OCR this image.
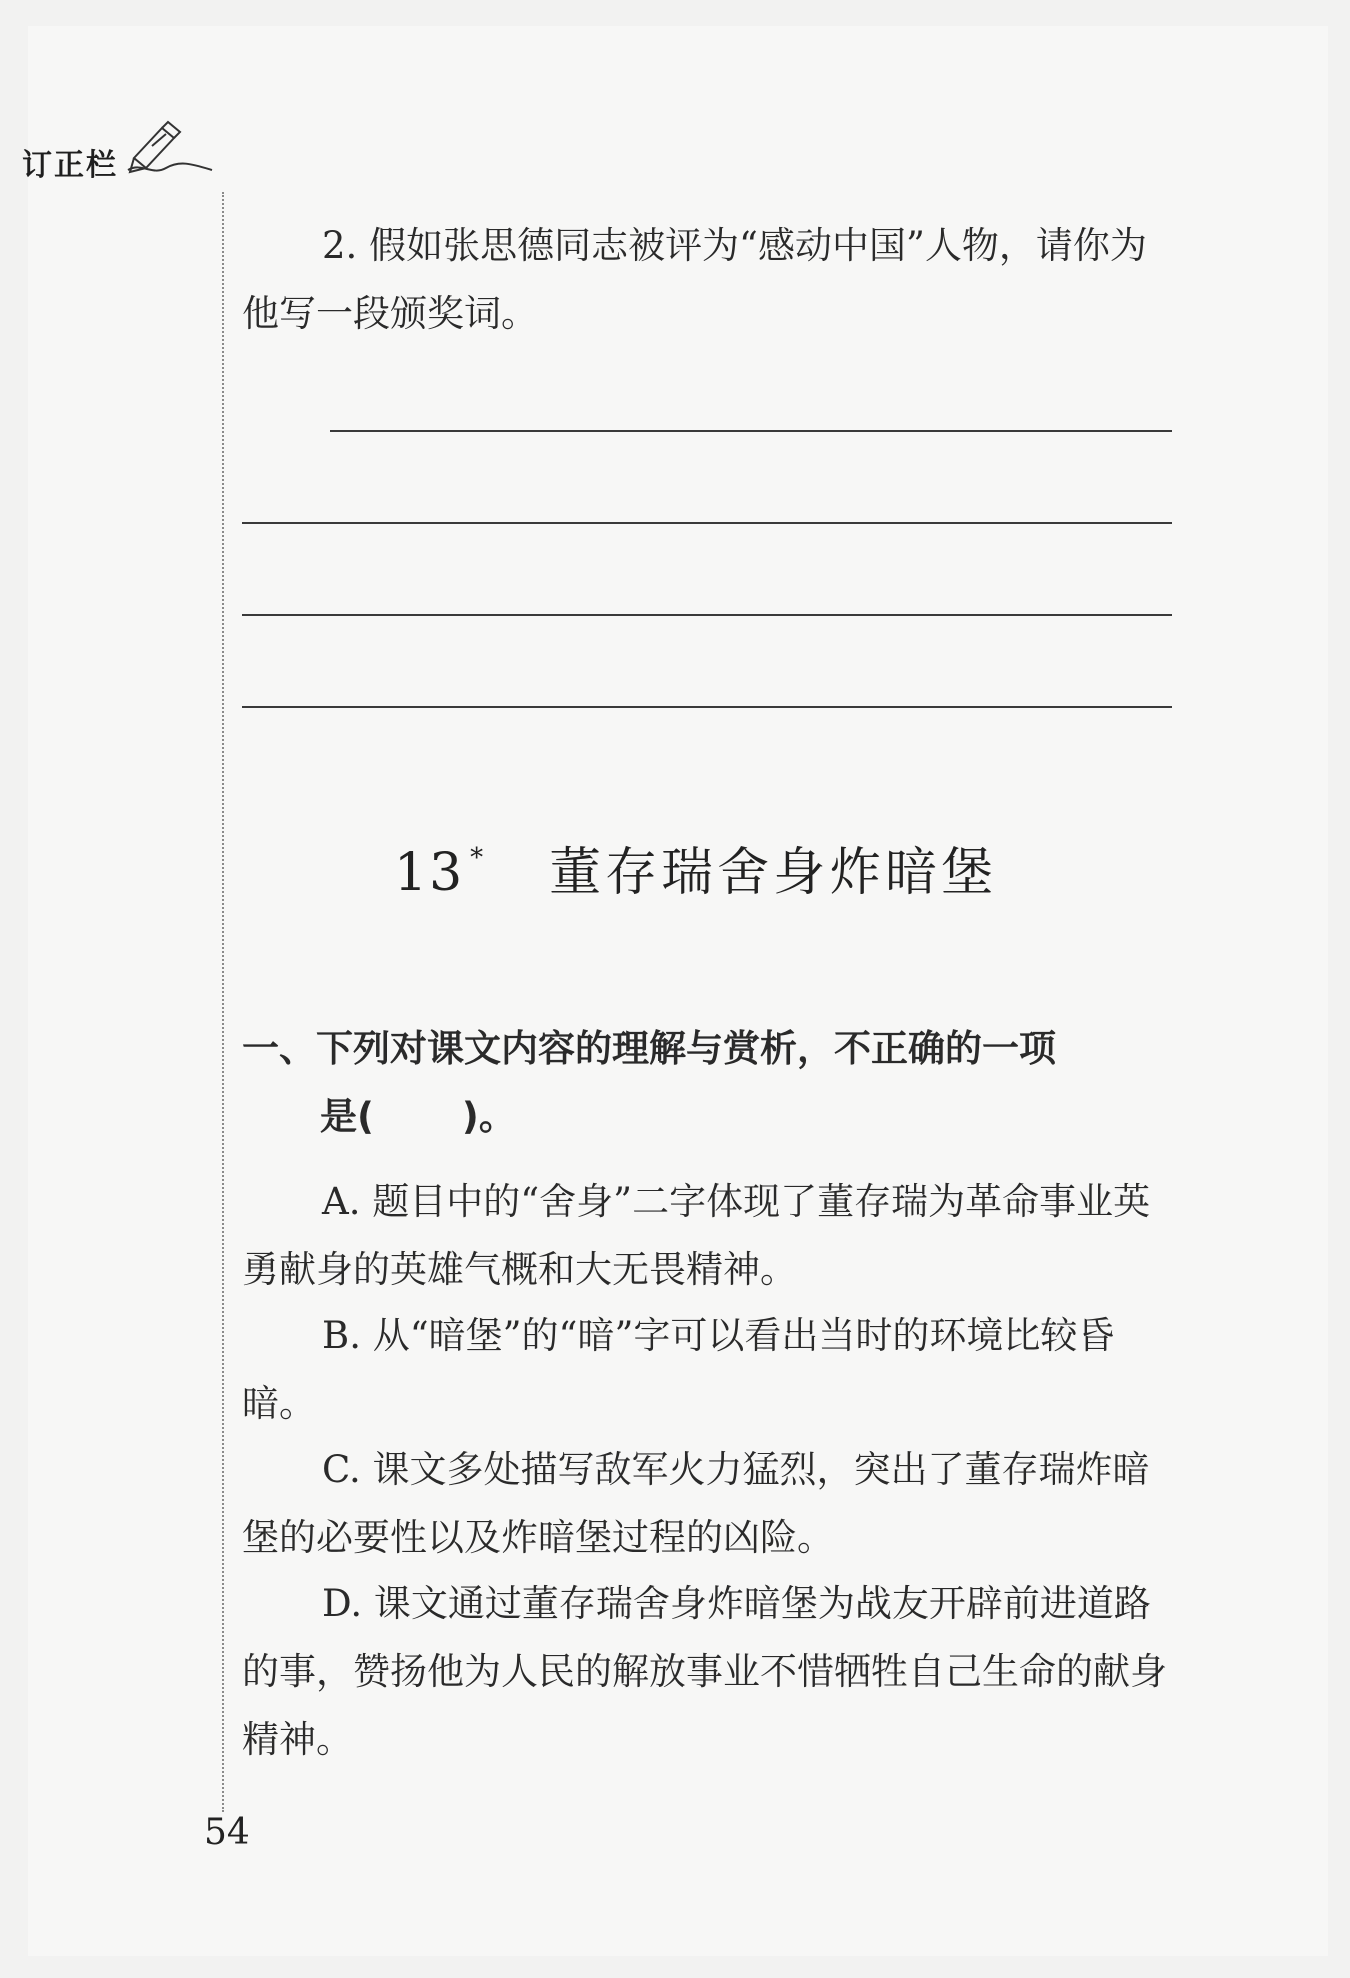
订正栏

2. 假如张思德同志被评为“感动中国”人物，请你为他写一段颁奖词。

13 * 董存瑞舍身炸暗堡

一、下列对课文内容的理解与赏析，不正确的一项
是( )。

A. 题目中的“舍身”二字体现了董存瑞为革命事业英勇献身的英雄气概和大无畏精神。

B. 从“暗堡”的“暗”字可以看出当时的环境比较昏暗。

C. 课文多处描写敌军火力猛烈，突出了董存瑞炸暗堡的必要性以及炸暗堡过程的凶险。

D. 课文通过董存瑞舍身炸暗堡为战友开辟前进道路的事，赞扬他为人民的解放事业不惜牺牲自己生命的献身精神。

54
